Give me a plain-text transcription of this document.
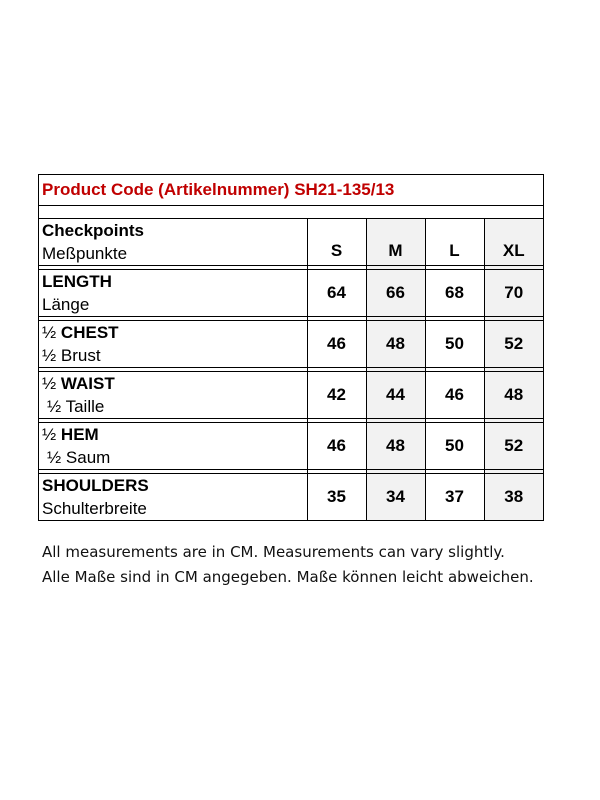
Product Code (Artikelnummer) SH21-135/13
Checkpoints
Meßpunkte	S	M	L	XL

LENGTH
Länge	64	66	68	70

½ CHEST
½ Brust	46	48	50	52

½ WAIST
½ Taille	42	44	46	48

½ HEM
½ Saum	46	48	50	52

SHOULDERS
Schulterbreite	35	34	37	38
All measurements are in CM. Measurements can vary slightly.
Alle Maße sind in CM angegeben. Maße können leicht abweichen.
